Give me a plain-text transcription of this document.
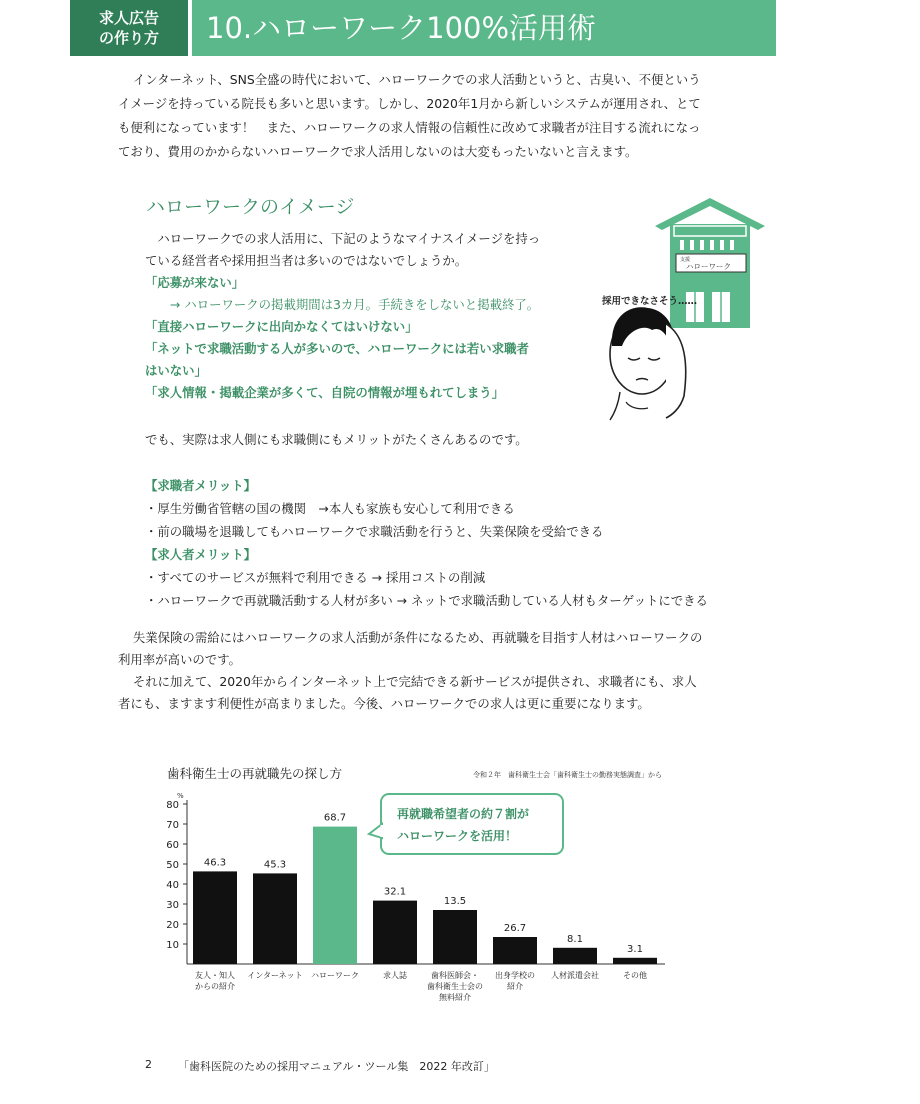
求人広告
の作り方	10.ハローワーク100%活用術

インターネット、SNS全盛の時代において、ハローワークでの求人活動というと、古臭い、不便という

イメージを持っている院長も多いと思います。しかし、2020年1月から新しいシステムが運用され、とて
も便利になっています！　また、ハローワークの求人情報の信頼性に改めて求職者が注目する流れになっ
ており、費用のかからないハローワークで求人活用しないのは大変もったいないと言えます。
ハローワークのイメージ
ハローワークでの求人活用に、下記のようなマイナスイメージを持っ
ている経営者や採用担当者は多いのではないでしょうか。
「応募が来ない」
→ ハローワークの掲載期間は3カ月。手続きをしないと掲載終了。
「直接ハローワークに出向かなくてはいけない」
「ネットで求職活動する人が多いので、ハローワークには若い求職者
はいない」
「求人情報・掲載企業が多くて、自院の情報が埋もれてしまう」
支援
ハローワーク
採用できなさそう……
でも、実際は求人側にも求職側にもメリットがたくさんあるのです。
【求職者メリット】
・厚生労働省管轄の国の機関　→本人も家族も安心して利用できる
・前の職場を退職してもハローワークで求職活動を行うと、失業保険を受給できる
【求人者メリット】
・すべてのサービスが無料で利用できる → 採用コストの削減
・ハローワークで再就職活動する人材が多い → ネットで求職活動している人材もターゲットにできる

失業保険の需給にはハローワークの求人活動が条件になるため、再就職を目指す人材はハローワークの

利用率が高いのです。

それに加えて、2020年からインターネット上で完結できる新サービスが提供され、求職者にも、求人

者にも、ますます利便性が高まりました。今後、ハローワークでの求人は更に重要になります。
歯科衛生士の再就職先の探し方	令和２年　歯科衛生士会「歯科衛生士の勤務実態調査」から
%
80
70
60
50
40
30
20
10
46.3
友人・知人
からの紹介
45.3
インターネット
68.7
ハローワーク
32.1
求人誌
13.5
歯科医師会・
歯科衛生士会の
無料紹介
26.7
出身学校の
紹介
8.1
人材派遣会社
3.1
その他
再就職希望者の約７割が
ハローワークを活用！
2 「歯科医院のための採用マニュアル・ツール集　2022 年改訂」
